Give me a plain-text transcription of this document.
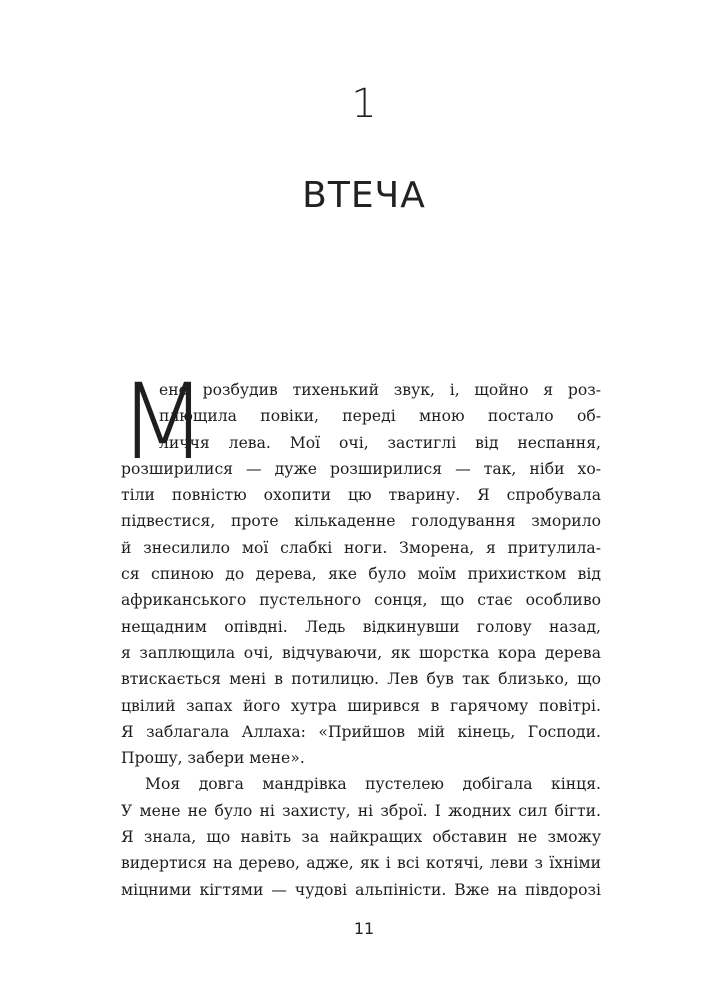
1
ВТЕЧА
М
ене розбудив тихенький звук, і, щойно я роз-
плющила повіки, переді мною постало об-
личчя лева. Мої очі, застиглі від неспання,
розширилися — дуже розширилися — так, ніби хо-
тіли повністю охопити цю тварину. Я спробувала
підвестися, проте кількаденне голодування зморило
й знесилило мої слабкі ноги. Зморена, я притулила-
ся спиною до дерева, яке було моїм прихистком від
африканського пустельного сонця, що стає особливо
нещадним опівдні. Ледь відкинувши голову назад,
я заплющила очі, відчуваючи, як шорстка кора дерева
втискається мені в потилицю. Лев був так близько, що
цвілий запах його хутра ширився в гарячому повітрі.
Я заблагала Аллаха: «Прийшов мій кінець, Господи.
Прошу, забери мене».
Моя довга мандрівка пустелею добігала кінця.
У мене не було ні захисту, ні зброї. І жодних сил бігти.
Я знала, що навіть за найкращих обставин не зможу
видертися на дерево, адже, як і всі котячі, леви з їхніми
міцними кігтями — чудові альпіністи. Вже на півдорозі
11
